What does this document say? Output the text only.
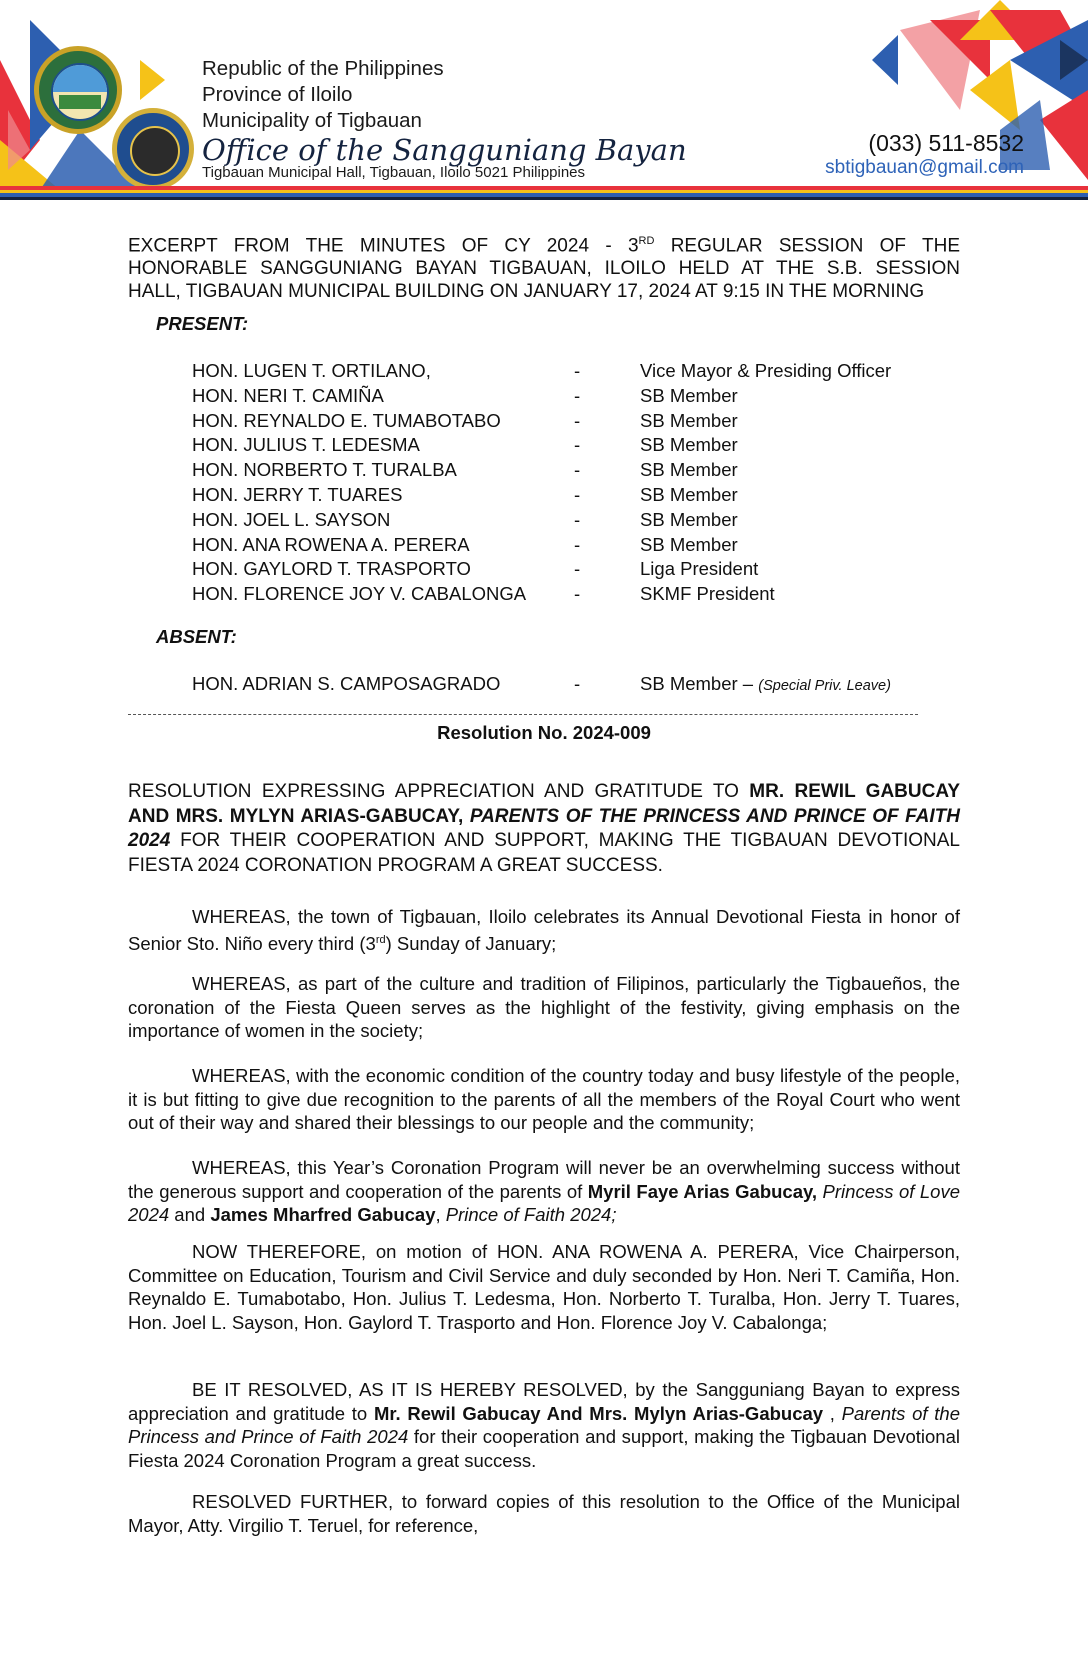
Republic of the Philippines
Province of Iloilo
Municipality of Tigbauan
Office of the Sangguniang Bayan
Tigbauan Municipal Hall, Tigbauan, Iloilo 5021 Philippines
(033) 511-8532
sbtigbauan@gmail.com
EXCERPT FROM THE MINUTES OF CY 2024 - 3RD REGULAR SESSION OF THE
HONORABLE SANGGUNIANG BAYAN TIGBAUAN, ILOILO HELD AT THE S.B. SESSION
HALL, TIGBAUAN MUNICIPAL BUILDING ON JANUARY 17, 2024 AT 9:15 IN THE MORNING
PRESENT:
HON. LUGEN T. ORTILANO,	-	Vice Mayor & Presiding Officer
HON. NERI T. CAMIÑA	-	SB Member
HON. REYNALDO E. TUMABOTABO	-	SB Member
HON. JULIUS T. LEDESMA	-	SB Member
HON. NORBERTO T. TURALBA	-	SB Member
HON. JERRY T. TUARES	-	SB Member
HON. JOEL L. SAYSON	-	SB Member
HON. ANA ROWENA A. PERERA	-	SB Member
HON. GAYLORD T. TRASPORTO	-	Liga President
HON. FLORENCE JOY V. CABALONGA	-	SKMF President
ABSENT:
HON. ADRIAN S. CAMPOSAGRADO	-	SB Member – (Special Priv. Leave)
Resolution No. 2024-009
RESOLUTION EXPRESSING APPRECIATION AND GRATITUDE TO MR. REWIL GABUCAY AND MRS. MYLYN ARIAS-GABUCAY, PARENTS OF THE PRINCESS AND PRINCE OF FAITH 2024 FOR THEIR COOPERATION AND SUPPORT, MAKING THE TIGBAUAN DEVOTIONAL FIESTA 2024 CORONATION PROGRAM A GREAT SUCCESS.
WHEREAS, the town of Tigbauan, Iloilo celebrates its Annual Devotional Fiesta in honor of Senior Sto. Niño every third (3rd) Sunday of January;
WHEREAS, as part of the culture and tradition of Filipinos, particularly the Tigbaueños, the coronation of the Fiesta Queen serves as the highlight of the festivity, giving emphasis on the importance of women in the society;
WHEREAS, with the economic condition of the country today and busy lifestyle of the people, it is but fitting to give due recognition to the parents of all the members of the Royal Court who went out of their way and shared their blessings to our people and the community;
WHEREAS, this Year’s Coronation Program will never be an overwhelming success without the generous support and cooperation of the parents of Myril Faye Arias Gabucay, Princess of Love 2024 and James Mharfred Gabucay, Prince of Faith 2024;
NOW THEREFORE, on motion of HON. ANA ROWENA A. PERERA, Vice Chairperson, Committee on Education, Tourism and Civil Service and duly seconded by Hon. Neri T. Camiña, Hon. Reynaldo E. Tumabotabo, Hon. Julius T. Ledesma, Hon. Norberto T. Turalba, Hon. Jerry T. Tuares, Hon. Joel L. Sayson, Hon. Gaylord T. Trasporto and Hon. Florence Joy V. Cabalonga;
BE IT RESOLVED, AS IT IS HEREBY RESOLVED, by the Sangguniang Bayan to express appreciation and gratitude to Mr. Rewil Gabucay And Mrs. Mylyn Arias-Gabucay , Parents of the Princess and Prince of Faith 2024 for their cooperation and support, making the Tigbauan Devotional Fiesta 2024 Coronation Program a great success.
RESOLVED FURTHER, to forward copies of this resolution to the Office of the Municipal Mayor, Atty. Virgilio T. Teruel, for reference,
